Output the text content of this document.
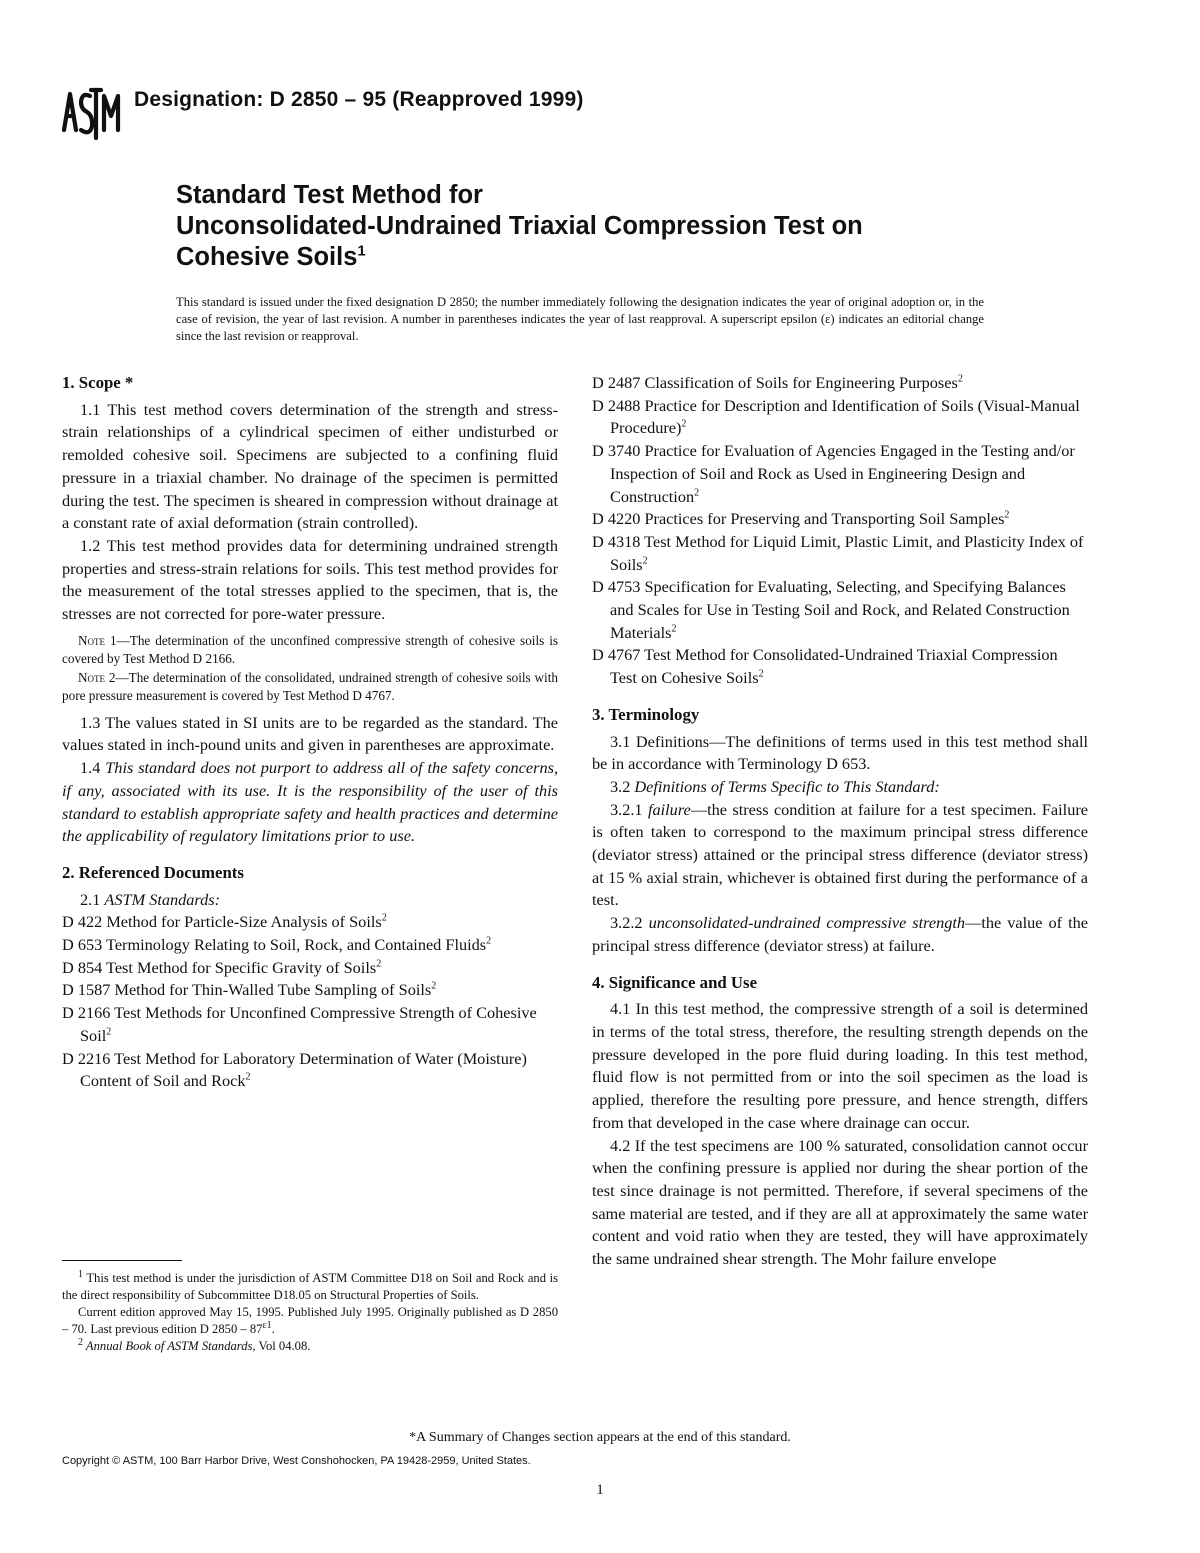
Designation: D 2850 – 95 (Reapproved 1999)
Standard Test Method for
Unconsolidated-Undrained Triaxial Compression Test on
Cohesive Soils$^1$
This standard is issued under the fixed designation D 2850; the number immediately following the designation indicates the year of original adoption or, in the case of revision, the year of last revision. A number in parentheses indicates the year of last reapproval. A superscript epsilon (ε) indicates an editorial change since the last revision or reapproval.

1. Scope *

1.1 This test method covers determination of the strength and stress-strain relationships of a cylindrical specimen of either undisturbed or remolded cohesive soil. Specimens are subjected to a confining fluid pressure in a triaxial chamber. No drainage of the specimen is permitted during the test. The specimen is sheared in compression without drainage at a constant rate of axial deformation (strain controlled).

1.2 This test method provides data for determining undrained strength properties and stress-strain relations for soils. This test method provides for the measurement of the total stresses applied to the specimen, that is, the stresses are not corrected for pore-water pressure.

Note 1—The determination of the unconfined compressive strength of cohesive soils is covered by Test Method D 2166.

Note 2—The determination of the consolidated, undrained strength of cohesive soils with pore pressure measurement is covered by Test Method D 4767.

1.3 The values stated in SI units are to be regarded as the standard. The values stated in inch-pound units and given in parentheses are approximate.

1.4 This standard does not purport to address all of the safety concerns, if any, associated with its use. It is the responsibility of the user of this standard to establish appropriate safety and health practices and determine the applicability of regulatory limitations prior to use.

2. Referenced Documents

2.1 ASTM Standards:

D 422 Method for Particle-Size Analysis of Soils$^2$

D 653 Terminology Relating to Soil, Rock, and Contained Fluids$^2$

D 854 Test Method for Specific Gravity of Soils$^2$

D 1587 Method for Thin-Walled Tube Sampling of Soils$^2$

D 2166 Test Methods for Unconfined Compressive Strength of Cohesive Soil$^2$

D 2216 Test Method for Laboratory Determination of Water (Moisture) Content of Soil and Rock$^2$

D 2487 Classification of Soils for Engineering Purposes$^2$

D 2488 Practice for Description and Identification of Soils (Visual-Manual Procedure)$^2$

D 3740 Practice for Evaluation of Agencies Engaged in the Testing and/or Inspection of Soil and Rock as Used in Engineering Design and Construction$^2$

D 4220 Practices for Preserving and Transporting Soil Samples$^2$

D 4318 Test Method for Liquid Limit, Plastic Limit, and Plasticity Index of Soils$^2$

D 4753 Specification for Evaluating, Selecting, and Specifying Balances and Scales for Use in Testing Soil and Rock, and Related Construction Materials$^2$

D 4767 Test Method for Consolidated-Undrained Triaxial Compression Test on Cohesive Soils$^2$

3. Terminology

3.1 Definitions—The definitions of terms used in this test method shall be in accordance with Terminology D 653.

3.2 Definitions of Terms Specific to This Standard:

3.2.1 failure—the stress condition at failure for a test specimen. Failure is often taken to correspond to the maximum principal stress difference (deviator stress) attained or the principal stress difference (deviator stress) at 15 % axial strain, whichever is obtained first during the performance of a test.

3.2.2 unconsolidated-undrained compressive strength—the value of the principal stress difference (deviator stress) at failure.

4. Significance and Use

4.1 In this test method, the compressive strength of a soil is determined in terms of the total stress, therefore, the resulting strength depends on the pressure developed in the pore fluid during loading. In this test method, fluid flow is not permitted from or into the soil specimen as the load is applied, therefore the resulting pore pressure, and hence strength, differs from that developed in the case where drainage can occur.

4.2 If the test specimens are 100 % saturated, consolidation cannot occur when the confining pressure is applied nor during the shear portion of the test since drainage is not permitted. Therefore, if several specimens of the same material are tested, and if they are all at approximately the same water content and void ratio when they are tested, they will have approximately the same undrained shear strength. The Mohr failure envelope

$^1$ This test method is under the jurisdiction of ASTM Committee D18 on Soil and Rock and is the direct responsibility of Subcommittee D18.05 on Structural Properties of Soils.

Current edition approved May 15, 1995. Published July 1995. Originally published as D 2850 – 70. Last previous edition D $2850 - 87^{\varepsilon 1}$.

$^2$ Annual Book of ASTM Standards, Vol 04.08.

*A Summary of Changes section appears at the end of this standard.
Copyright © ASTM, 100 Barr Harbor Drive, West Conshohocken, PA 19428-2959, United States.
1
